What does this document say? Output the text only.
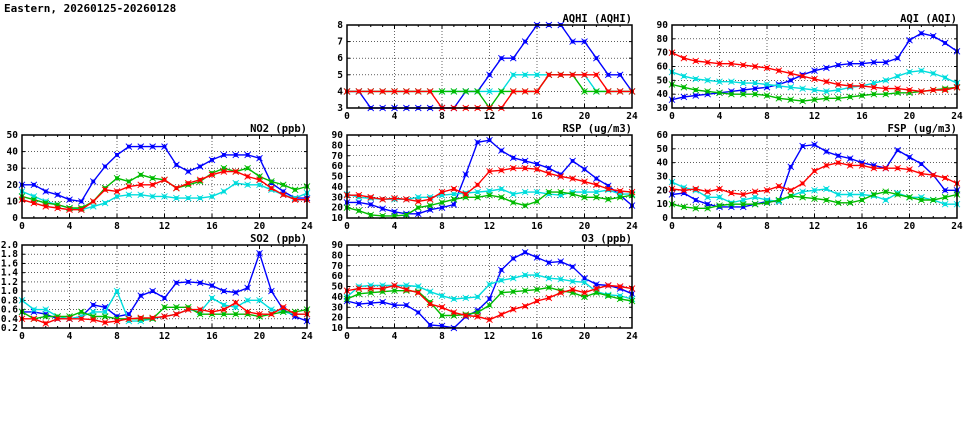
Eastern, 20260125-20260128
0	4	8	12	16	20	24
3
4
5
6
7
8
AQHI (AQHI)
0	4	8	12	16	20	24
30
40
50
60
70
80
90
AQI (AQI)
0	4	8	12	16	20	24
0
10
20
30
40
50
NO2 (ppb)
0	4	8	12	16	20	24
10
20
30
40
50
60
70
80
90
RSP (ug/m3)
0	4	8	12	16	20	24
0
10
20
30
40
50
60
FSP (ug/m3)
0	4	8	12	16	20	24
0.2
0.4
0.6
0.8
1.0
1.2
1.4
1.6
1.8
2.0
SO2 (ppb)
0	4	8	12	16	20	24
10
20
30
40
50
60
70
80
90
O3 (ppb)
